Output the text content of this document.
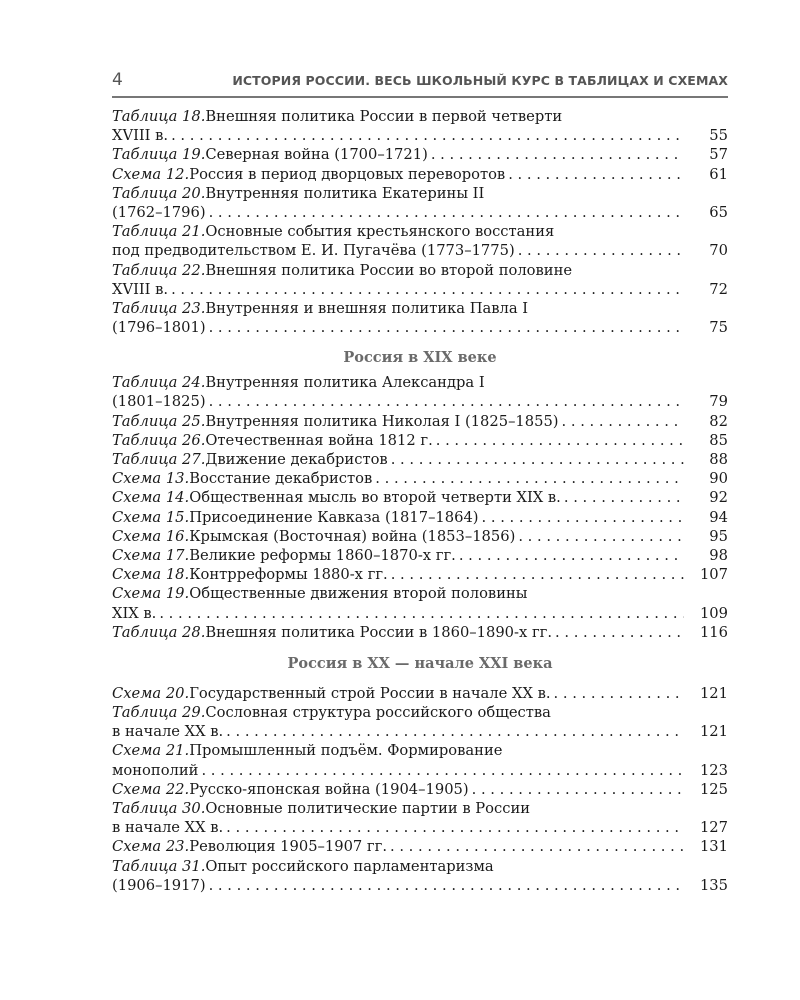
4	ИСТОРИЯ РОССИИ. ВЕСЬ ШКОЛЬНЫЙ КУРС В ТАБЛИЦАХ И СХЕМАХ
Таблица 18. Внешняя политика России в первой четверти
XVIII в. . . .	55
Таблица 19. Северная война (1700–1721) . . .	57
Схема 12. Россия в период дворцовых переворотов . . .	61
Таблица 20. Внутренняя политика Екатерины II
(1762–1796) . . .	65
Таблица 21. Основные события крестьянского восстания
под предводительством Е. И. Пугачёва (1773–1775) . . .	70
Таблица 22. Внешняя политика России во второй половине
XVIII в. . . .	72
Таблица 23. Внутренняя и внешняя политика Павла I
(1796–1801) . . .	75
Россия в XIX веке
Таблица 24. Внутренняя политика Александра I
(1801–1825) . . .	79
Таблица 25. Внутренняя политика Николая I (1825–1855) . . .	82
Таблица 26. Отечественная война 1812 г. . . .	85
Таблица 27. Движение декабристов . . .	88
Схема 13. Восстание декабристов . . .	90
Схема 14. Общественная мысль во второй четверти XIX в. . . .	92
Схема 15. Присоединение Кавказа (1817–1864) . . .	94
Схема 16. Крымская (Восточная) война (1853–1856) . . .	95
Схема 17. Великие реформы 1860–1870-х гг. . . .	98
Схема 18. Контрреформы 1880-х гг. . . .	107
Схема 19. Общественные движения второй половины
XIX в. . . .	109
Таблица 28. Внешняя политика России в 1860–1890-х гг. . . .	116
Россия в XX — начале XXI века
Схема 20. Государственный строй России в начале XX в. . . .	121
Таблица 29. Сословная структура российского общества
в начале XX в. . . .	121
Схема 21. Промышленный подъём. Формирование
монополий . . .	123
Схема 22. Русско-японская война (1904–1905) . . .	125
Таблица 30. Основные политические партии в России
в начале XX в. . . .	127
Схема 23. Революция 1905–1907 гг. . . .	131
Таблица 31. Опыт российского парламентаризма
(1906–1917) . . .	135
